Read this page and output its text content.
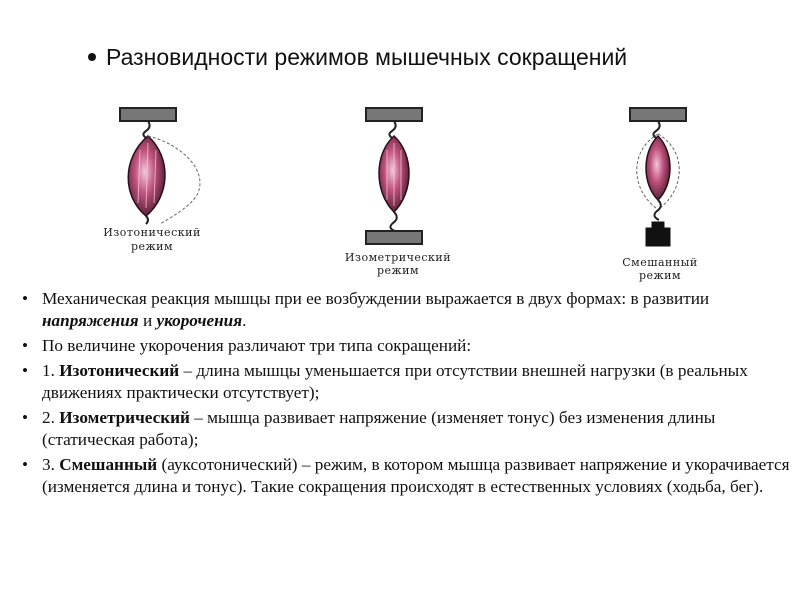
Разновидности режимов мышечных сокращений
Изотонический
режим
Изометрический
режим
Смешанный
режим
• Механическая реакция мышцы при ее возбуждении выражается в двух формах: в развитии напряжения и укорочения.
• По величине укорочения различают три типа сокращений:
• 1. Изотонический – длина мышцы уменьшается при отсутствии внешней нагрузки (в реальных движениях практически отсутствует);
• 2. Изометрический – мышца развивает напряжение (изменяет тонус) без изменения длины (статическая работа);
• 3. Смешанный (ауксотонический) – режим, в котором мышца развивает напряжение и укорачивается (изменяется длина и тонус). Такие сокращения происходят в естественных условиях (ходьба, бег).
